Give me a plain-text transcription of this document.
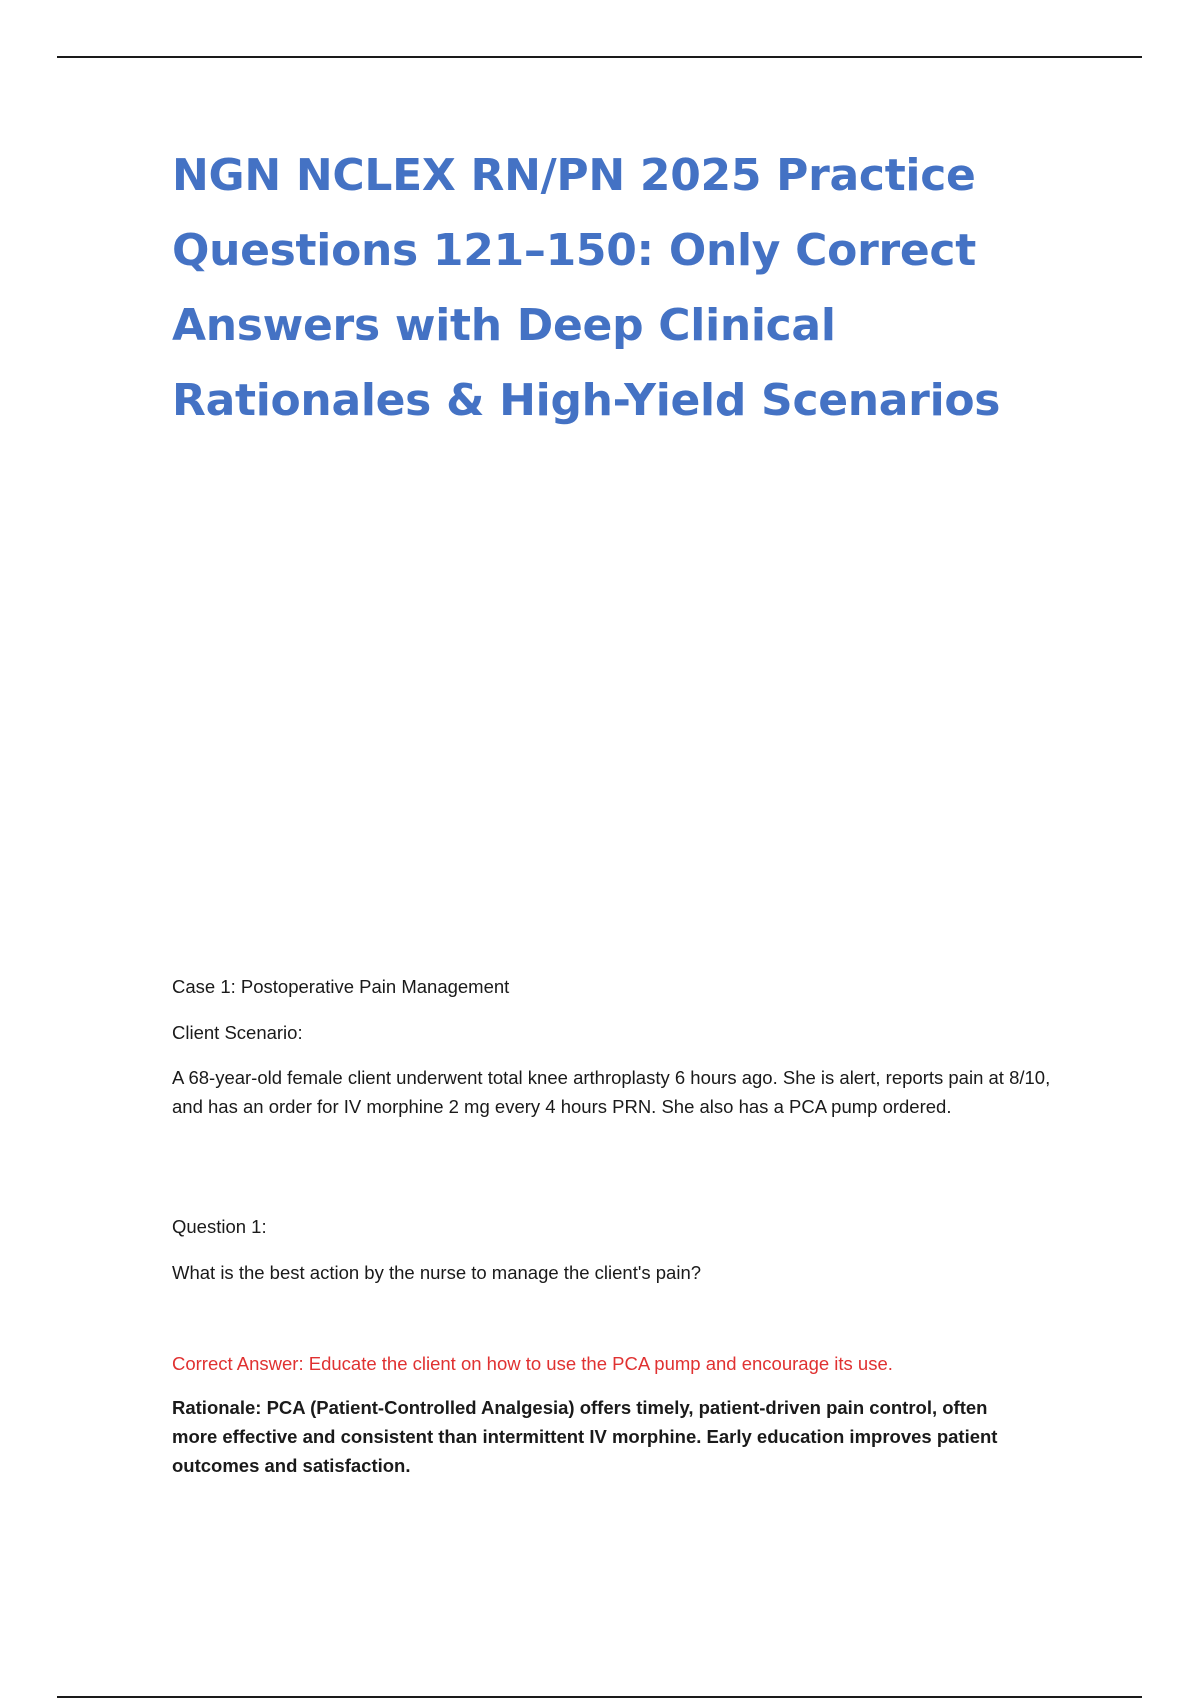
NGN NCLEX RN/PN 2025 Practice
Questions 121–150: Only Correct
Answers with Deep Clinical
Rationales & High-Yield Scenarios

Case 1: Postoperative Pain Management

Client Scenario:

A 68-year-old female client underwent total knee arthroplasty 6 hours ago. She is alert, reports pain at 8/10, and has an order for IV morphine 2 mg every 4 hours PRN. She also has a PCA pump ordered.

Question 1:

What is the best action by the nurse to manage the client's pain?

Correct Answer: Educate the client on how to use the PCA pump and encourage its use.

Rationale: PCA (Patient-Controlled Analgesia) offers timely, patient-driven pain control, often more effective and consistent than intermittent IV morphine. Early education improves patient outcomes and satisfaction.
